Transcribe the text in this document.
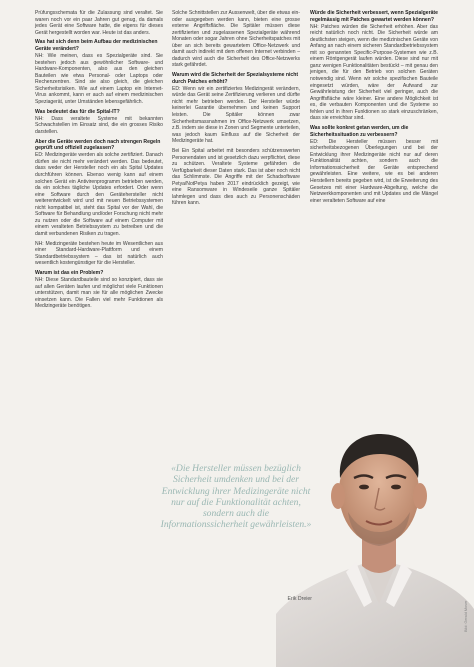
Prüfungsschemata für die Zulassung sind veraltet. Sie waren noch vor ein paar Jahren gut genug, da damals jedes Gerät eine Software hatte, die eigens für dieses Gerät hergestellt worden war. Heute ist das anders.

Was hat sich denn beim Aufbau der medizinischen Geräte verändert?

NH: Wie meinen, dass es Spezialgeräte sind. Sie bestehen jedoch aus gewöhnlicher Software- und Hardware-Komponenten, also aus den gleichen Bauteilen wie etwa Personal- oder Laptops oder Rechenzentren. Sind sie also gleich, die gleichen Sicherheitsrisiken. Wie auf einem Laptop ein Internet-Virus ankommt, kann er auch auf einem medizinischen Speziagerät, unter Umständen lebensgefährlich.

Was bedeutet das für die Spital-IT?

NH: Dass veraltete Systeme mit bekannten Schwachstellen im Einsatz sind, die ein grosses Risiko darstellen.

Aber die Geräte werden doch nach strengen Regeln geprüft und offiziell zugelassen?

ED: Medizingeräte werden als solche zertifiziert. Danach dürfen sie nicht mehr verändert werden. Das bedeutet, dass weder der Hersteller noch ein als Spital Updates durchführen können. Ebenso wenig kann auf einem solchen Gerät ein Antivirenprogramm betrieben werden, da ein solches tägliche Updates erfordert. Oder wenn eine Software durch den Gerätehersteller nicht weiterentwickelt wird und mit neuen Betriebssystemen nicht kompatibel ist, steht das Spital vor der Wahl, die Software für Behandlung und/oder Forschung nicht mehr zu nutzen oder die Software auf einem Computer mit einem veralteten Betriebssystem zu betreiben und die damit verbundenen Risiken zu tragen.

NH: Medizingeräte bestehen heute im Wesentlichen aus einer Standard-Hardware-Plattform und einem Standardbetriebssystem – das ist natürlich auch wesentlich kostengünstiger für die Hersteller.

Warum ist das ein Problem?

NH: Diese Standardbauteile sind so konzipiert, dass sie auf allen Geräten laufen und möglichst viele Funktionen unterstützen, damit man sie für alle möglichen Zwecke einsetzen kann. Die Fallen viel mehr Funktionen als Medizingeräte benötigen.

Solche Schnittstellen zur Aussenwelt, über die etwas ein- oder ausgegeben werden kann, bieten eine grosse externe Angriffsfläche. Die Spitäler müssen diese zertifizierten und zugelassenen Spezialgeräte während Monaten oder sogar Jahren ohne Sicherheitspatches mit über an sich bereits gewartetem Office-Netzwerk und damit auch indirekt mit dem offenen Internet verbinden – dadurch wird auch die Sicherheit des Office-Netzwerks stark gefährdet.

Warum wird die Sicherheit der Spezialsysteme nicht durch Patches erhöht?

ED: Wenn wir ein zertifiziertes Medizingerät verändern, würde das Gerät seine Zertifizierung verlieren und dürfte nicht mehr betrieben werden. Der Hersteller würde keinerlei Garantie übernehmen und keinen Support leisten. Die Spitäler können zwar Sicherheitsmassnahmen im Office-Netzwerk umsetzen, z.B. indem sie diese in Zonen und Segmente unterteilen, was jedoch kaum Einfluss auf die Sicherheit der Medizingeräte hat.

Bei Ein Spital arbeitet mit besonders schützenswerten Personendaten und ist gesetzlich dazu verpflichtet, diese zu schützen. Veraltete Systeme gefährden die Verfügbarkeit dieser Daten stark. Das ist aber noch nicht das Schlimmste. Die Angriffe mit der Schadsoftware Petya/NotPetya haben 2017 eindrücklich gezeigt, wie eine Ransomware in Windeseile ganze Spitäler lahmlegen und dass dies auch zu Personenschäden führen kann.

Würde die Sicherheit verbessert, wenn Spezialgeräte regelmässig mit Patches gewartet werden können?

NH: Patches würden die Sicherheit erhöhen. Aber das reicht natürlich noch nicht. Die Sicherheit würde am deutlichsten steigen, wenn die medizinischen Geräte von Anfang an nach einem sicheren Standardbetriebssystem mit so genannten Specific-Purpose-Systemen wie z.B. einem Röntgengerät laufen würden. Diese sind nur mit ganz wenigen Funktionalitäten bestückt – mit genau den jenigen, die für den Betrieb von solchen Geräten notwendig sind. Wenn wir solche spezifischen Bauteile eingesetzt würden, wäre der Aufwand zur Gewährleistung der Sicherheit viel geringer, auch die Angriffsfläche wäre kleiner. Eine andere Möglichkeit ist es, die verbauten Komponenten und die Systeme so fehlen und in ihren Funktionen so stark einzuschränken, dass sie erreichbar sind.

Was sollte konkret getan werden, um die Sicherheitssituation zu verbessern?

ED: Die Hersteller müssen besser mit sicherheitsbezogenen Überlegungen und bei der Entwicklung ihrer Medizingeräte nicht nur auf deren Funktionalität achten, sondern auch die Informationssicherheit der Geräte entsprechend gewährleisten. Eine weitere, wie es bei anderen Herstellern bereits gegeben wird, ist die Erweiterung des Gesetzes mit einer Hardware-Abgeltung, welche die Netzwerkkomponenten und mit Updates und die Mängel einer veralteten Software auf eine

«Die Hersteller müssen bezüglich Sicherheit umdenken und bei der Entwicklung ihrer Medizingeräte nicht nur auf die Funktionalität achten, sondern auch die Informationssicherheit gewährleisten.»
Erik Dreier
Bild: Gerald Moser
